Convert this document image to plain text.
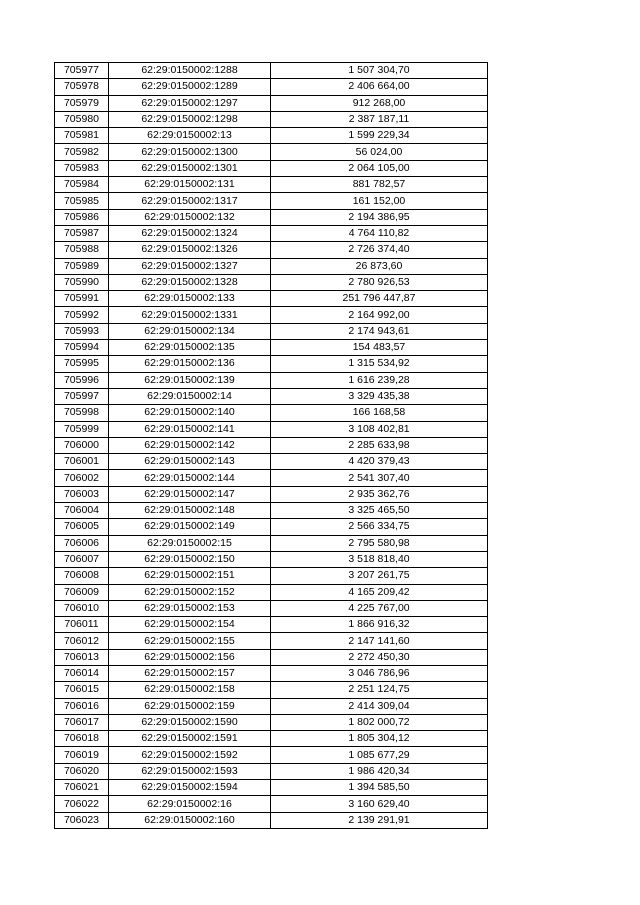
705977	62:29:0150002:1288	1 507 304,70
705978	62:29:0150002:1289	2 406 664,00
705979	62:29:0150002:1297	912 268,00
705980	62:29:0150002:1298	2 387 187,11
705981	62:29:0150002:13	1 599 229,34
705982	62:29:0150002:1300	56 024,00
705983	62:29:0150002:1301	2 064 105,00
705984	62:29:0150002:131	881 782,57
705985	62:29:0150002:1317	161 152,00
705986	62:29:0150002:132	2 194 386,95
705987	62:29:0150002:1324	4 764 110,82
705988	62:29:0150002:1326	2 726 374,40
705989	62:29:0150002:1327	26 873,60
705990	62:29:0150002:1328	2 780 926,53
705991	62:29:0150002:133	251 796 447,87
705992	62:29:0150002:1331	2 164 992,00
705993	62:29:0150002:134	2 174 943,61
705994	62:29:0150002:135	154 483,57
705995	62:29:0150002:136	1 315 534,92
705996	62:29:0150002:139	1 616 239,28
705997	62:29:0150002:14	3 329 435,38
705998	62:29:0150002:140	166 168,58
705999	62:29:0150002:141	3 108 402,81
706000	62:29:0150002:142	2 285 633,98
706001	62:29:0150002:143	4 420 379,43
706002	62:29:0150002:144	2 541 307,40
706003	62:29:0150002:147	2 935 362,76
706004	62:29:0150002:148	3 325 465,50
706005	62:29:0150002:149	2 566 334,75
706006	62:29:0150002:15	2 795 580,98
706007	62:29:0150002:150	3 518 818,40
706008	62:29:0150002:151	3 207 261,75
706009	62:29:0150002:152	4 165 209,42
706010	62:29:0150002:153	4 225 767,00
706011	62:29:0150002:154	1 866 916,32
706012	62:29:0150002:155	2 147 141,60
706013	62:29:0150002:156	2 272 450,30
706014	62:29:0150002:157	3 046 786,96
706015	62:29:0150002:158	2 251 124,75
706016	62:29:0150002:159	2 414 309,04
706017	62:29:0150002:1590	1 802 000,72
706018	62:29:0150002:1591	1 805 304,12
706019	62:29:0150002:1592	1 085 677,29
706020	62:29:0150002:1593	1 986 420,34
706021	62:29:0150002:1594	1 394 585,50
706022	62:29:0150002:16	3 160 629,40
706023	62:29:0150002:160	2 139 291,91
